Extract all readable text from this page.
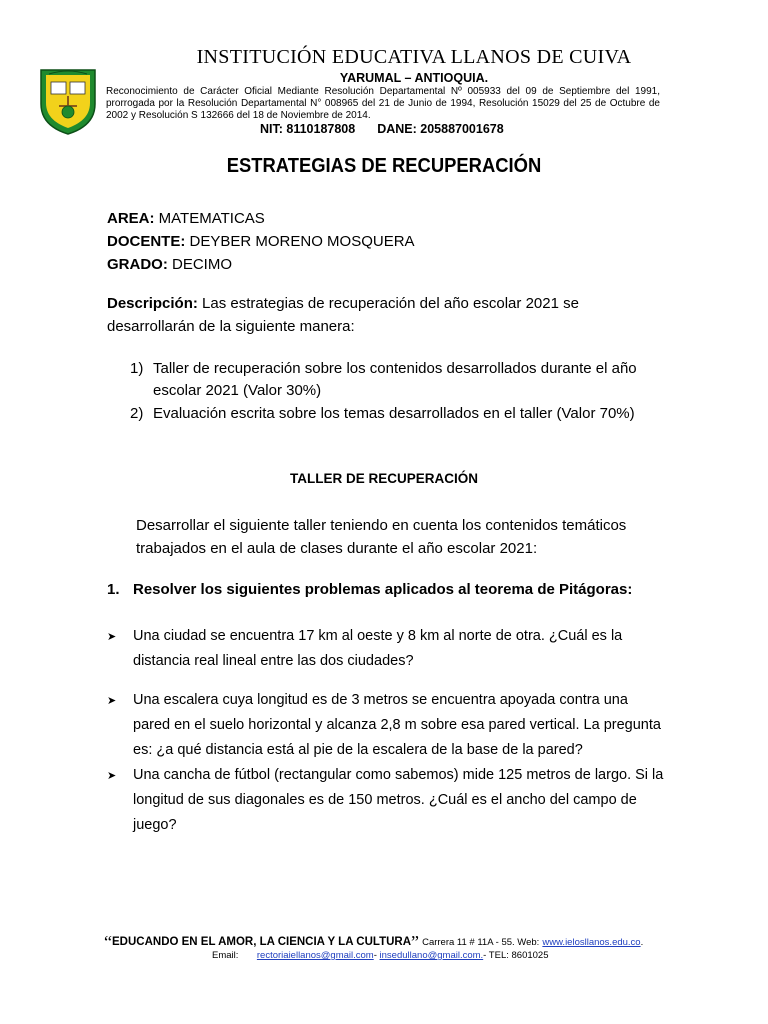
INSTITUCIÓN EDUCATIVA LLANOS DE CUIVA
YARUMAL – ANTIOQUIA.
Reconocimiento de Carácter Oficial Mediante Resolución Departamental Nº 005933 del 09 de Septiembre del 1991, prorrogada por la Resolución Departamental N° 008965 del 21 de Junio de 1994, Resolución 15029 del 25 de Octubre de 2002 y Resolución S 132666 del 18 de Noviembre de 2014.
NIT: 8110187808 DANE: 205887001678
ESTRATEGIAS DE RECUPERACIÓN
AREA: MATEMATICAS
DOCENTE: DEYBER MORENO MOSQUERA
GRADO: DECIMO
Descripción: Las estrategias de recuperación del año escolar 2021 se desarrollarán de la siguiente manera:
1) Taller de recuperación sobre los contenidos desarrollados durante el año escolar 2021 (Valor 30%)
2) Evaluación escrita sobre los temas desarrollados en el taller (Valor 70%)
TALLER DE RECUPERACIÓN
Desarrollar el siguiente taller teniendo en cuenta los contenidos temáticos trabajados en el aula de clases durante el año escolar 2021:
1. Resolver los siguientes problemas aplicados al teorema de Pitágoras:
➤	Una ciudad se encuentra 17 km al oeste y 8 km al norte de otra. ¿Cuál es la distancia real lineal entre las dos ciudades?
➤	Una escalera cuya longitud es de 3 metros se encuentra apoyada contra una pared en el suelo horizontal y alcanza 2,8 m sobre esa pared vertical. La pregunta es: ¿a qué distancia está al pie de la escalera de la base de la pared?
➤	Una cancha de fútbol (rectangular como sabemos) mide 125 metros de largo. Si la longitud de sus diagonales es de 150 metros. ¿Cuál es el ancho del campo de juego?
“EDUCANDO EN EL AMOR, LA CIENCIA Y LA CULTURA” Carrera 11 # 11A - 55. Web: www.ielosllanos.edu.co.
Email: rectoriaiellanos@gmail.com- insedullano@gmail.com.- TEL: 8601025
